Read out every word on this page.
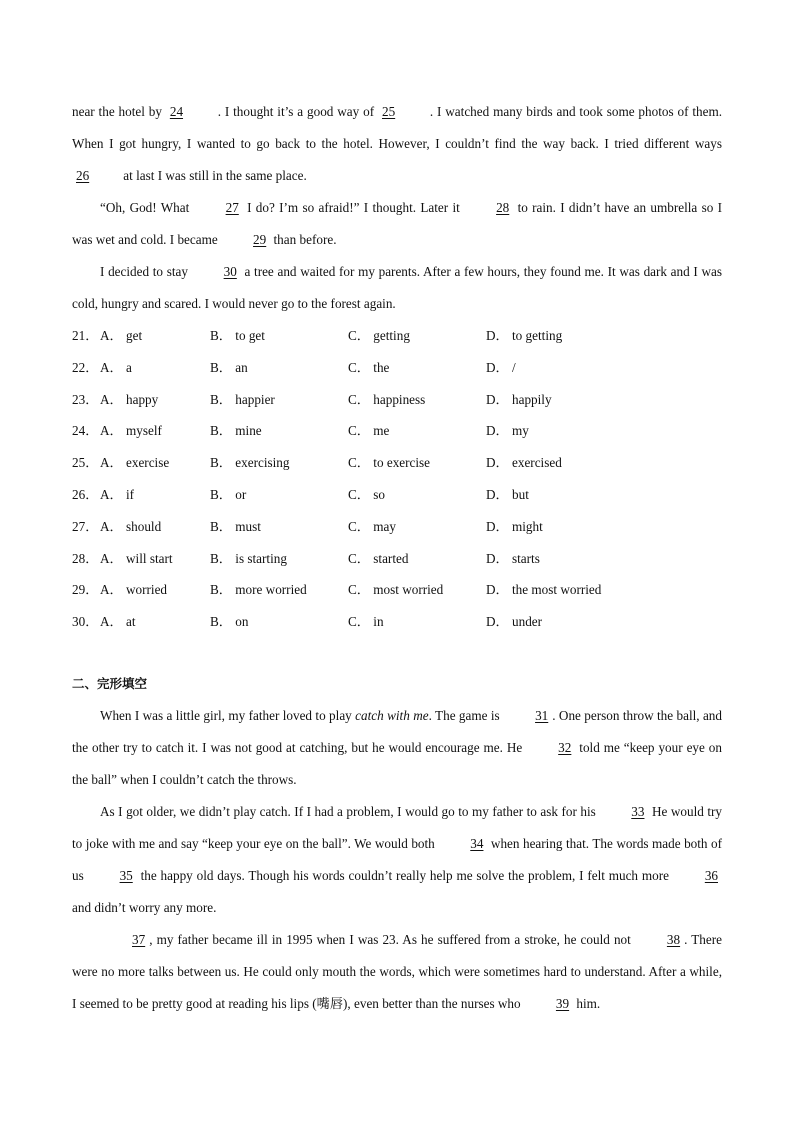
near the hotel by 24 . I thought it’s a good way of 25 . I watched many birds and took some photos of them. When I got hungry, I wanted to go back to the hotel. However, I couldn’t find the way back. I tried different ways 26 at last I was still in the same place.

“Oh, God! What 27 I do? I’m so afraid!” I thought. Later it 28 to rain. I didn’t have an umbrella so I was wet and cold. I became 29 than before.

I decided to stay 30 a tree and waited for my parents. After a few hours, they found me. It was dark and I was cold, hungry and scared. I would never go to the forest again.

21． A． get	B． to get	C． getting	D． to getting
22． A． a	B． an	C． the	D． /
23． A． happy	B． happier	C． happiness	D． happily
24． A． myself	B． mine	C． me	D． my
25． A． exercise	B． exercising	C． to exercise	D． exercised
26． A． if	B． or	C． so	D． but
27． A． should	B． must	C． may	D． might
28． A． will start	B． is starting	C． started	D． starts
29． A． worried	B． more worried	C． most worried	D． the most worried
30． A． at	B． on	C． in	D． under
二、完形填空

When I was a little girl, my father loved to play catch with me. The game is 31 . One person throw the ball, and the other try to catch it. I was not good at catching, but he would encourage me. He 32 told me “keep your eye on the ball” when I couldn’t catch the throws.

As I got older, we didn’t play catch. If I had a problem, I would go to my father to ask for his 33 He would try to joke with me and say “keep your eye on the ball”. We would both 34 when hearing that. The words made both of us 35 the happy old days. Though his words couldn’t really help me solve the problem, I felt much more 36 and didn’t worry any more.

37 , my father became ill in 1995 when I was 23. As he suffered from a stroke, he could not 38 . There were no more talks between us. He could only mouth the words, which were sometimes hard to understand. After a while, I seemed to be pretty good at reading his lips (嘴唇), even better than the nurses who 39 him.
